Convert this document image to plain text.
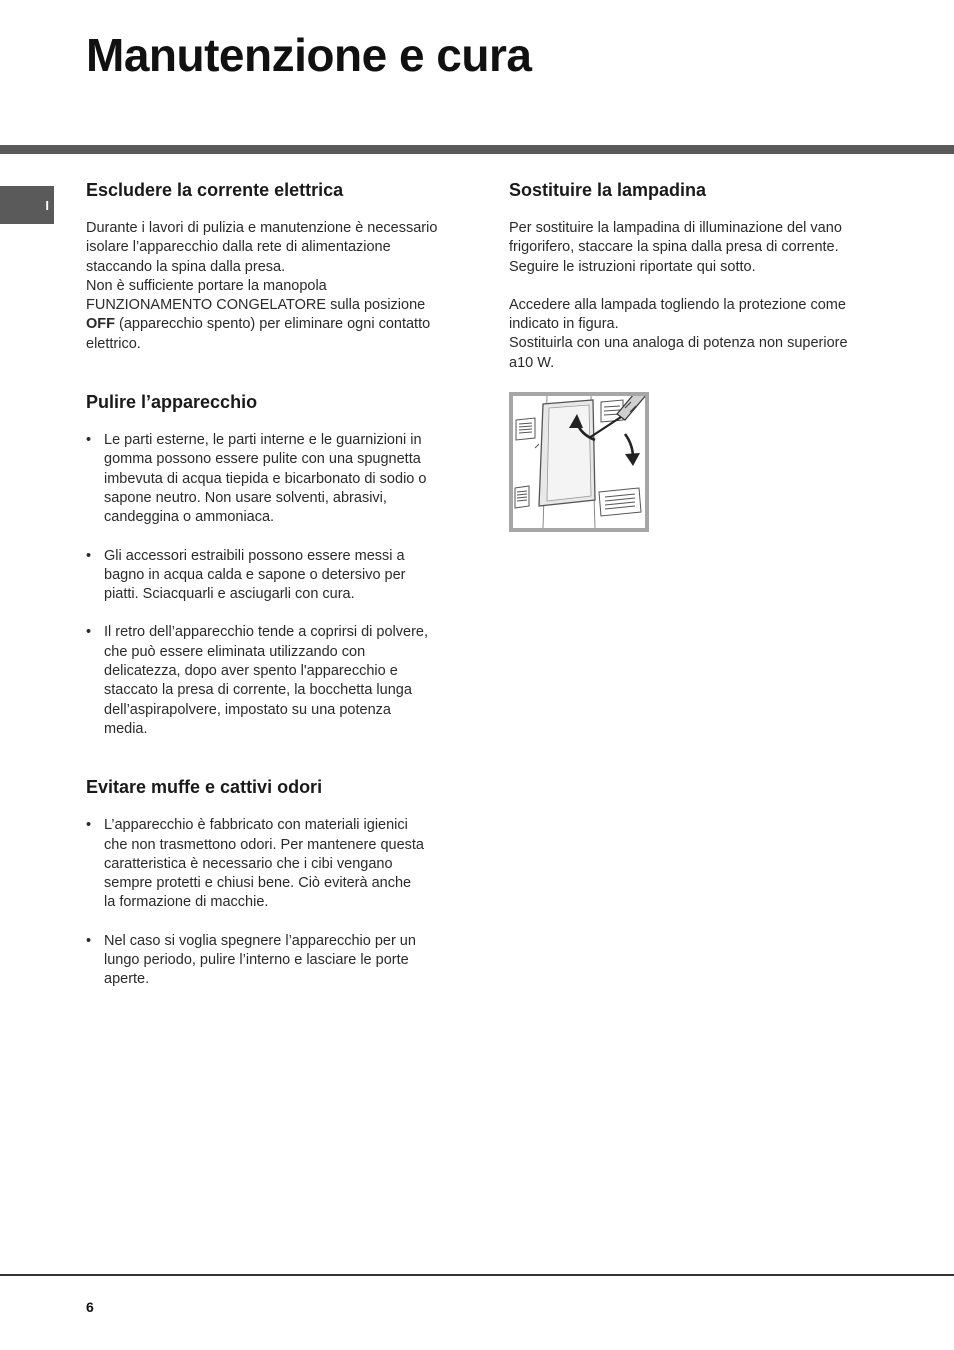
Manutenzione e cura
I
Escludere la corrente elettrica

Durante i lavori di pulizia e manutenzione è necessario
isolare l’apparecchio dalla rete di alimentazione
staccando la spina dalla presa.
Non è sufficiente portare la manopola
FUNZIONAMENTO CONGELATORE sulla posizione
OFF (apparecchio spento) per eliminare ogni contatto
elettrico.

Pulire l’apparecchio
• Le parti esterne, le parti interne e le guarnizioni in
gomma possono essere pulite con una spugnetta
imbevuta di acqua tiepida e bicarbonato di sodio o
sapone neutro. Non usare solventi, abrasivi,
candeggina o ammoniaca.
• Gli accessori estraibili possono essere messi a
bagno in acqua calda e sapone o detersivo per
piatti. Sciacquarli e asciugarli con cura.
• Il retro dell’apparecchio tende a coprirsi di polvere,
che può essere eliminata utilizzando con
delicatezza, dopo aver spento l'apparecchio e
staccato la presa di corrente, la bocchetta lunga
dell’aspirapolvere, impostato su una potenza
media.
Evitare muffe e cattivi odori
• L’apparecchio è fabbricato con materiali igienici
che non trasmettono odori. Per mantenere questa
caratteristica è necessario che i cibi vengano
sempre protetti e chiusi bene. Ciò eviterà anche
la formazione di macchie.
• Nel caso si voglia spegnere l’apparecchio per un
lungo periodo, pulire l’interno e lasciare le porte
aperte.
Sostituire la lampadina

Per sostituire la lampadina di illuminazione del vano
frigorifero, staccare la spina dalla presa di corrente.
Seguire le istruzioni riportate qui sotto.

Accedere alla lampada togliendo la protezione come
indicato in figura.
Sostituirla con una analoga di potenza non superiore
a10 W.

6
